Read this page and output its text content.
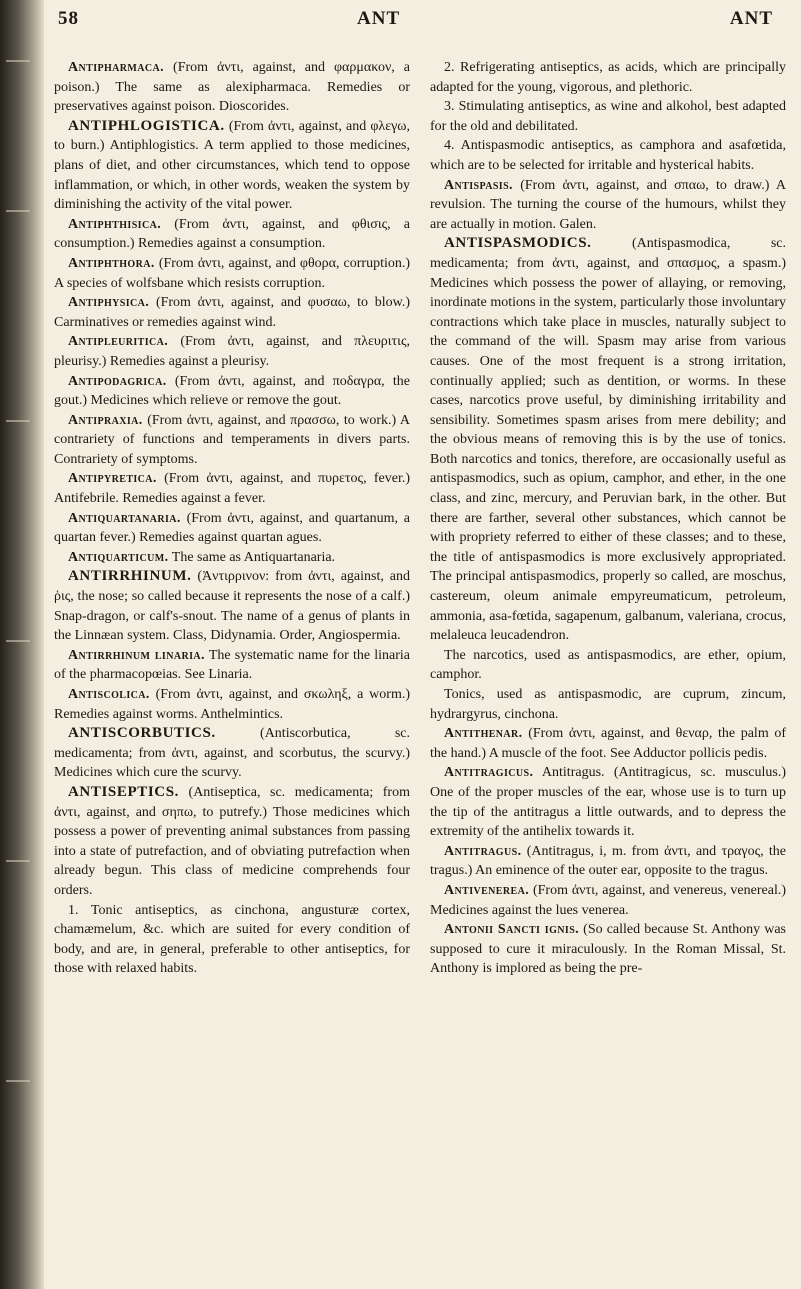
58	ANT	ANT

Antipharmaca. (From ἀντι, against, and φαρμακον, a poison.) The same as alexipharmaca. Remedies or preservatives against poison. Dioscorides.

ANTIPHLOGISTICA. (From ἀντι, against, and φλεγω, to burn.) Antiphlogistics. A term applied to those medicines, plans of diet, and other circumstances, which tend to oppose inflammation, or which, in other words, weaken the system by diminishing the activity of the vital power.

Antiphthisica. (From ἀντι, against, and φθισις, a consumption.) Remedies against a consumption.

Antiphthora. (From ἀντι, against, and φθορα, corruption.) A species of wolfsbane which resists corruption.

Antiphysica. (From ἀντι, against, and φυσαω, to blow.) Carminatives or remedies against wind.

Antipleuritica. (From ἀντι, against, and πλευριτις, pleurisy.) Remedies against a pleurisy.

Antipodagrica. (From ἀντι, against, and ποδαγρα, the gout.) Medicines which relieve or remove the gout.

Antipraxia. (From ἀντι, against, and πρασσω, to work.) A contrariety of functions and temperaments in divers parts. Contrariety of symptoms.

Antipyretica. (From ἀντι, against, and πυρετος, fever.) Antifebrile. Remedies against a fever.

Antiquartanaria. (From ἀντι, against, and quartanum, a quartan fever.) Remedies against quartan agues.

Antiquarticum. The same as Antiquartanaria.

ANTIRRHINUM. (Ἀντιρρινον: from ἀντι, against, and ῥις, the nose; so called because it represents the nose of a calf.) Snap-dragon, or calf's-snout. The name of a genus of plants in the Linnæan system. Class, Didynamia. Order, Angiospermia.

Antirrhinum linaria. The systematic name for the linaria of the pharmacopœias. See Linaria.

Antiscolica. (From ἀντι, against, and σκωληξ, a worm.) Remedies against worms. Anthelmintics.

ANTISCORBUTICS.	(Antiscorbutica, sc. medicamenta; from ἀντι, against, and scorbutus, the scurvy.) Medicines which cure the scurvy.

ANTISEPTICS. (Antiseptica, sc. medicamenta; from ἀντι, against, and σηπω, to putrefy.) Those medicines which possess a power of preventing animal substances from passing into a state of putrefaction, and of obviating putrefaction when already begun. This class of medicine comprehends four orders.

1. Tonic antiseptics, as cinchona, angusturæ cortex, chamæmelum, &c. which are suited for every condition of body, and are, in general, preferable to other antiseptics, for those with relaxed habits.

2. Refrigerating antiseptics, as acids, which are principally adapted for the young, vigorous, and plethoric.

3. Stimulating antiseptics, as wine and alkohol, best adapted for the old and debilitated.

4. Antispasmodic antiseptics, as camphora and asafœtida, which are to be selected for irritable and hysterical habits.

Antispasis. (From ἀντι, against, and σπαω, to draw.) A revulsion. The turning the course of the humours, whilst they are actually in motion. Galen.

ANTISPASMODICS.	(Antispasmodica, sc. medicamenta; from ἀντι, against, and σπασμος, a spasm.) Medicines which possess the power of allaying, or removing, inordinate motions in the system, particularly those involuntary contractions which take place in muscles, naturally subject to the command of the will. Spasm may arise from various causes. One of the most frequent is a strong irritation, continually applied; such as dentition, or worms. In these cases, narcotics prove useful, by diminishing irritability and sensibility. Sometimes spasm arises from mere debility; and the obvious means of removing this is by the use of tonics. Both narcotics and tonics, therefore, are occasionally useful as antispasmodics, such as opium, camphor, and ether, in the one class, and zinc, mercury, and Peruvian bark, in the other. But there are farther, several other substances, which cannot be with propriety referred to either of these classes; and to these, the title of antispasmodics is more exclusively appropriated. The principal antispasmodics, properly so called, are moschus, castereum, oleum animale empyreumaticum, petroleum, ammonia, asa-fœtida, sagapenum, galbanum, valeriana, crocus, melaleuca leucadendron.

The narcotics, used as antispasmodics, are ether, opium, camphor.

Tonics, used as antispasmodic, are cuprum, zincum, hydrargyrus, cinchona.

Antithenar. (From ἀντι, against, and θεναρ, the palm of the hand.) A muscle of the foot. See Adductor pollicis pedis.

Antitragicus. Antitragus. (Antitragicus, sc. musculus.) One of the proper muscles of the ear, whose use is to turn up the tip of the antitragus a little outwards, and to depress the extremity of the antihelix towards it.

Antitragus. (Antitragus, i, m. from ἀντι, and τραγος, the tragus.) An eminence of the outer ear, opposite to the tragus.

Antivenerea. (From ἀντι, against, and venereus, venereal.) Medicines against the lues venerea.

Antonii Sancti ignis. (So called because St. Anthony was supposed to cure it miraculously. In the Roman Missal, St. Anthony is implored as being the pre-
